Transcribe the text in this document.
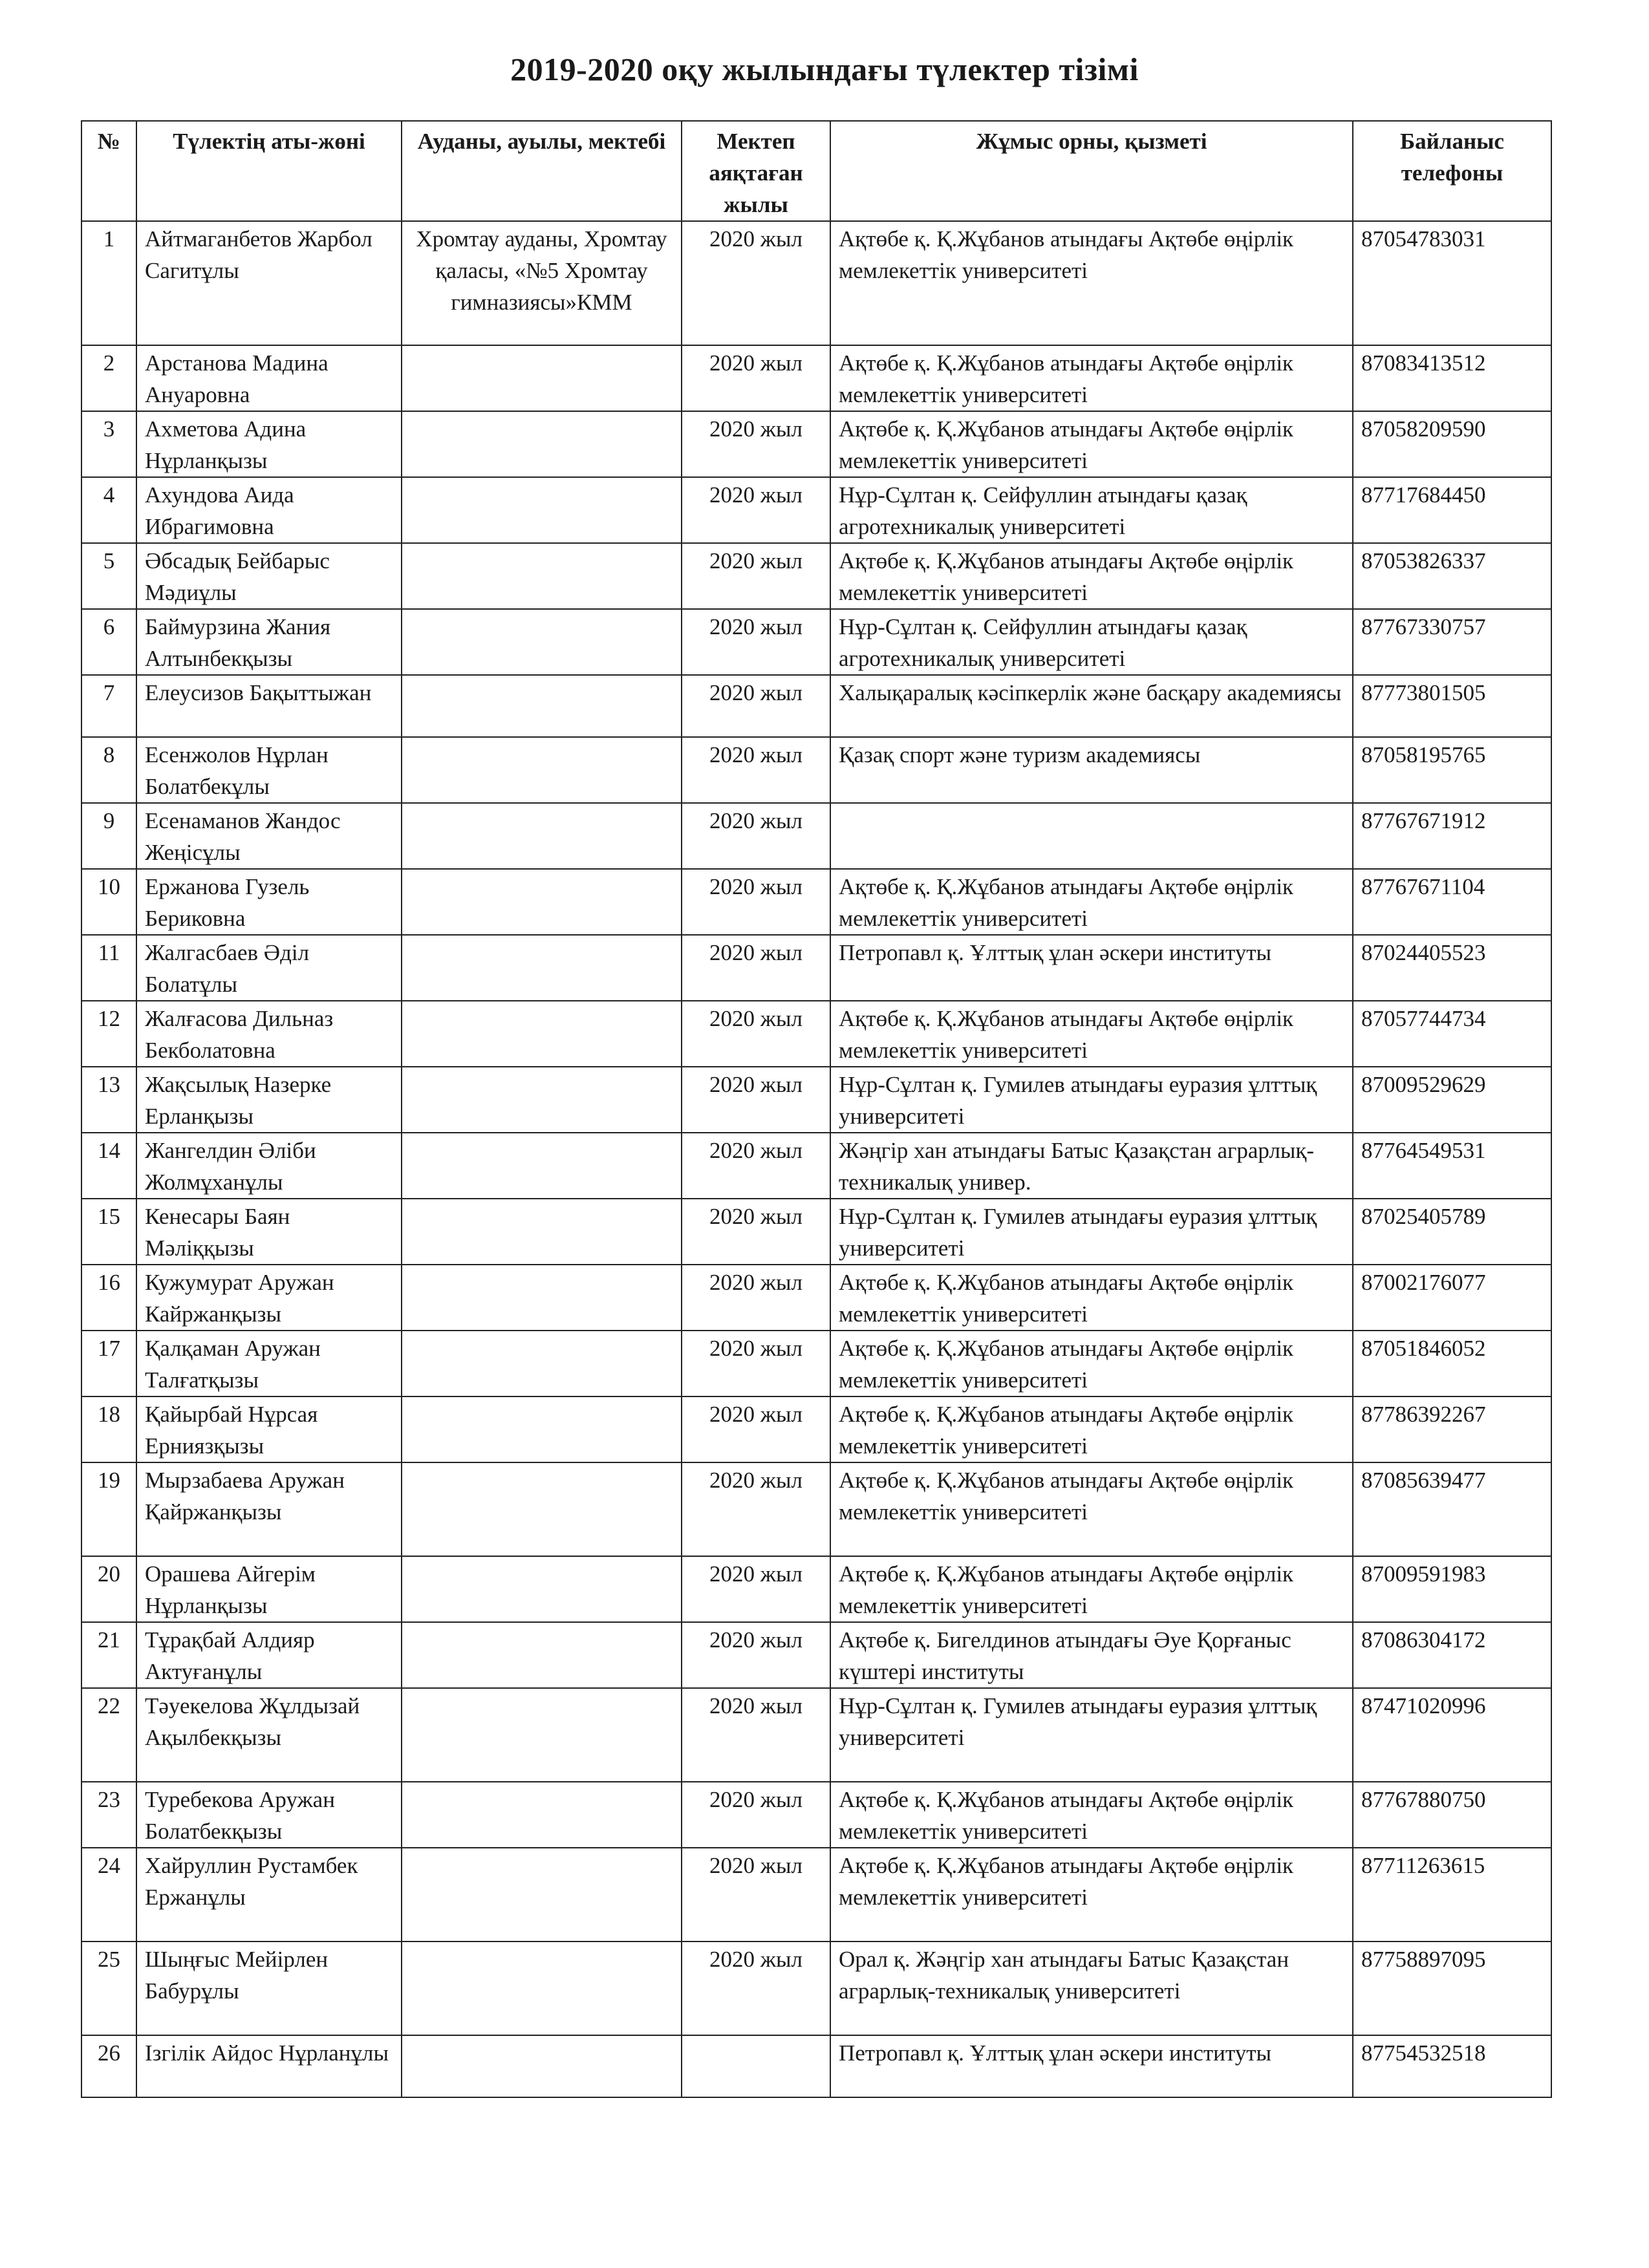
2019-2020 оқу жылындағы түлектер тізімі
№	Түлектің аты-жөні	Ауданы, ауылы, мектебі	Мектеп аяқтаған жылы	Жұмыс орны, қызметі	Байланыс телефоны
1	Айтмаганбетов Жарбол Сагитұлы	Хромтау ауданы, Хромтау қаласы, «№5 Хромтау гимназиясы»КММ	2020 жыл	Ақтөбе қ. Қ.Жұбанов атындағы Ақтөбе өңірлік мемлекеттік университеті	87054783031
2	Арстанова Мадина Ануаровна		2020 жыл	Ақтөбе қ. Қ.Жұбанов атындағы Ақтөбе өңірлік мемлекеттік университеті	87083413512
3	Ахметова Адина Нұрланқызы		2020 жыл	Ақтөбе қ. Қ.Жұбанов атындағы Ақтөбе өңірлік мемлекеттік университеті	87058209590
4	Ахундова Аида Ибрагимовна		2020 жыл	Нұр-Сұлтан қ. Сейфуллин атындағы қазақ агротехникалық университеті	87717684450
5	Әбсадық Бейбарыс Мәдиұлы		2020 жыл	Ақтөбе қ. Қ.Жұбанов атындағы Ақтөбе өңірлік мемлекеттік университеті	87053826337
6	Баймурзина Жания Алтынбекқызы		2020 жыл	Нұр-Сұлтан қ. Сейфуллин атындағы қазақ агротехникалық университеті	87767330757
7	Елеусизов Бақыттыжан		2020 жыл	Халықаралық кәсіпкерлік және басқару академиясы	87773801505
8	Есенжолов Нұрлан Болатбекұлы		2020 жыл	Қазақ спорт және туризм академиясы	87058195765
9	Есенаманов Жандос Жеңісұлы		2020 жыл		87767671912
10	Ержанова Гузель Бериковна		2020 жыл	Ақтөбе қ. Қ.Жұбанов атындағы Ақтөбе өңірлік мемлекеттік университеті	87767671104
11	Жалгасбаев Әділ Болатұлы		2020 жыл	Петропавл қ. Ұлттық ұлан әскери институты	87024405523
12	Жалғасова Дильназ Бекболатовна		2020 жыл	Ақтөбе қ. Қ.Жұбанов атындағы Ақтөбе өңірлік мемлекеттік университеті	87057744734
13	Жақсылық Назерке Ерланқызы		2020 жыл	Нұр-Сұлтан қ. Гумилев атындағы еуразия ұлттық университеті	87009529629
14	Жангелдин Әліби Жолмұханұлы		2020 жыл	Жәңгір хан атындағы Батыс Қазақстан аграрлық-техникалық универ.	87764549531
15	Кенесары Баян Мәліққызы		2020 жыл	Нұр-Сұлтан қ. Гумилев атындағы еуразия ұлттық университеті	87025405789
16	Кужумурат Аружан Кайржанқызы		2020 жыл	Ақтөбе қ. Қ.Жұбанов атындағы Ақтөбе өңірлік мемлекеттік университеті	87002176077
17	Қалқаман Аружан Талғатқызы		2020 жыл	Ақтөбе қ. Қ.Жұбанов атындағы Ақтөбе өңірлік мемлекеттік университеті	87051846052
18	Қайырбай Нұрсая Ерниязқызы		2020 жыл	Ақтөбе қ. Қ.Жұбанов атындағы Ақтөбе өңірлік мемлекеттік университеті	87786392267
19	Мырзабаева Аружан Қайржанқызы		2020 жыл	Ақтөбе қ. Қ.Жұбанов атындағы Ақтөбе өңірлік мемлекеттік университеті	87085639477
20	Орашева Айгерім Нұрланқызы		2020 жыл	Ақтөбе қ. Қ.Жұбанов атындағы Ақтөбе өңірлік мемлекеттік университеті	87009591983
21	Тұрақбай Алдияр Актуғанұлы		2020 жыл	Ақтөбе қ. Бигелдинов атындағы Әуе Қорғаныс күштері институты	87086304172
22	Тәуекелова Жұлдызай Ақылбекқызы		2020 жыл	Нұр-Сұлтан қ. Гумилев атындағы еуразия ұлттық университеті	87471020996
23	Туребекова Аружан Болатбекқызы		2020 жыл	Ақтөбе қ. Қ.Жұбанов атындағы Ақтөбе өңірлік мемлекеттік университеті	87767880750
24	Хайруллин Рустамбек Ержанұлы		2020 жыл	Ақтөбе қ. Қ.Жұбанов атындағы Ақтөбе өңірлік мемлекеттік университеті	87711263615
25	Шыңғыс Мейірлен Бабурұлы		2020 жыл	Орал қ. Жәңгір хан атындағы Батыс Қазақстан аграрлық-техникалық университеті	87758897095
26	Ізгілік Айдос Нұрланұлы			Петропавл қ. Ұлттық ұлан әскери институты	87754532518
